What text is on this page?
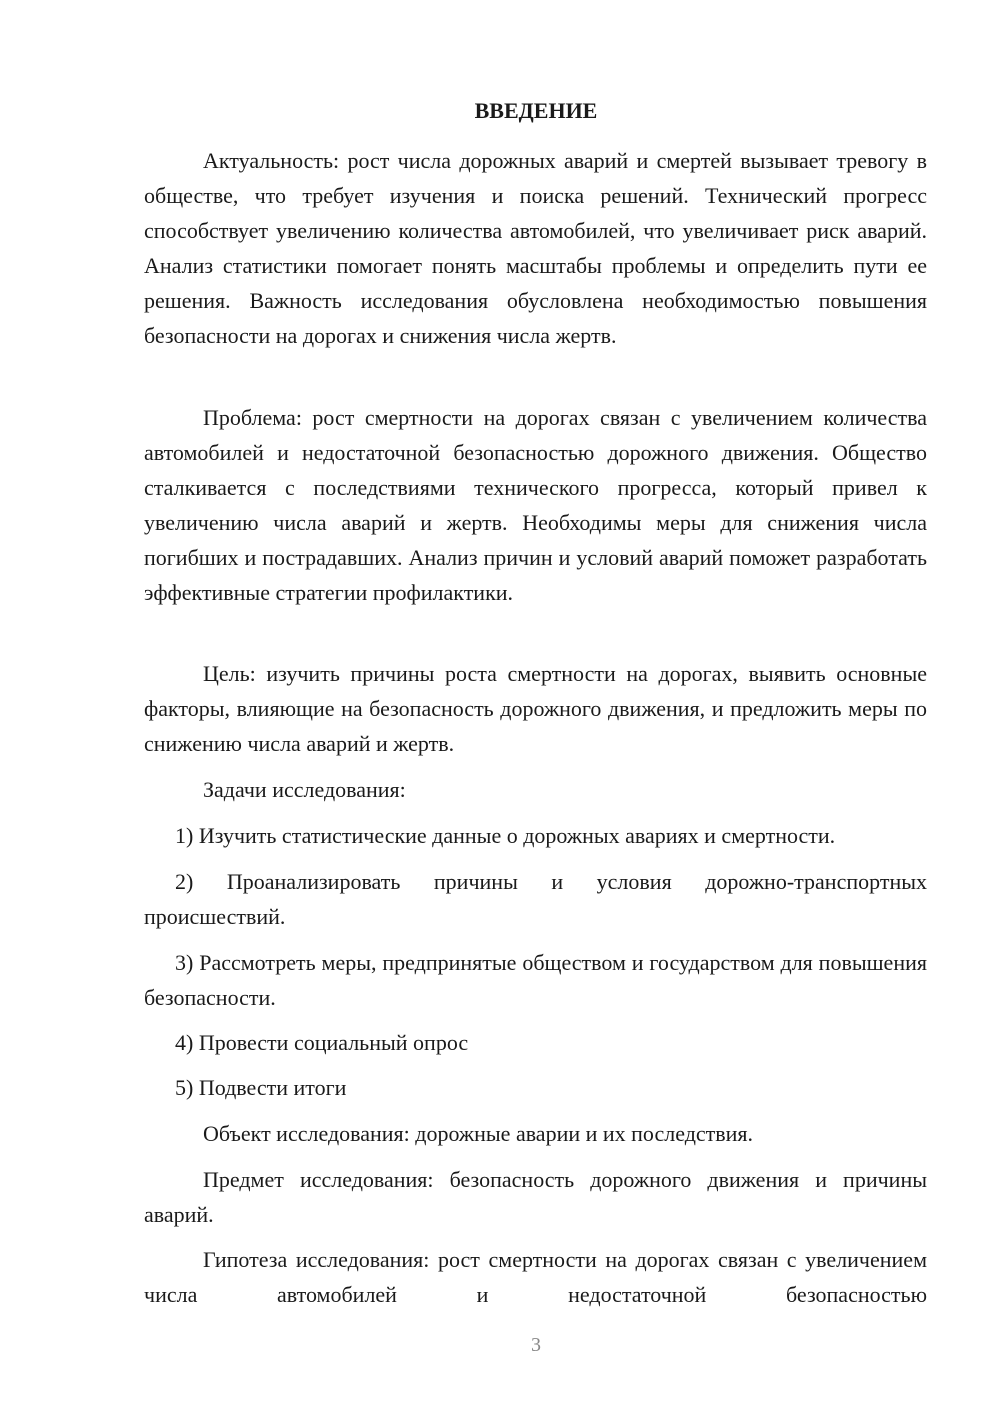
ВВЕДЕНИЕ

Актуальность: рост числа дорожных аварий и смертей вызывает тревогу в обществе, что требует изучения и поиска решений. Технический прогресс способствует увеличению количества автомобилей, что увеличивает риск аварий. Анализ статистики помогает понять масштабы проблемы и определить пути ее решения. Важность исследования обусловлена необходимостью повышения безопасности на дорогах и снижения числа жертв.

Проблема: рост смертности на дорогах связан с увеличением количества автомобилей и недостаточной безопасностью дорожного движения. Общество сталкивается с последствиями технического прогресса, который привел к увеличению числа аварий и жертв. Необходимы меры для снижения числа погибших и пострадавших. Анализ причин и условий аварий поможет разработать эффективные стратегии профилактики.

Цель: изучить причины роста смертности на дорогах, выявить основные факторы, влияющие на безопасность дорожного движения, и предложить меры по снижению числа аварий и жертв.

Задачи исследования:

1) Изучить статистические данные о дорожных авариях и смертности.

2) Проанализировать причины и условия дорожно-транспортных происшествий.

3) Рассмотреть меры, предпринятые обществом и государством для повышения безопасности.

4) Провести социальный опрос

5) Подвести итоги

Объект исследования: дорожные аварии и их последствия.

Предмет исследования: безопасность дорожного движения и причины аварий.

Гипотеза исследования: рост смертности на дорогах связан с увеличением числа автомобилей и недостаточной безопасностью

3
